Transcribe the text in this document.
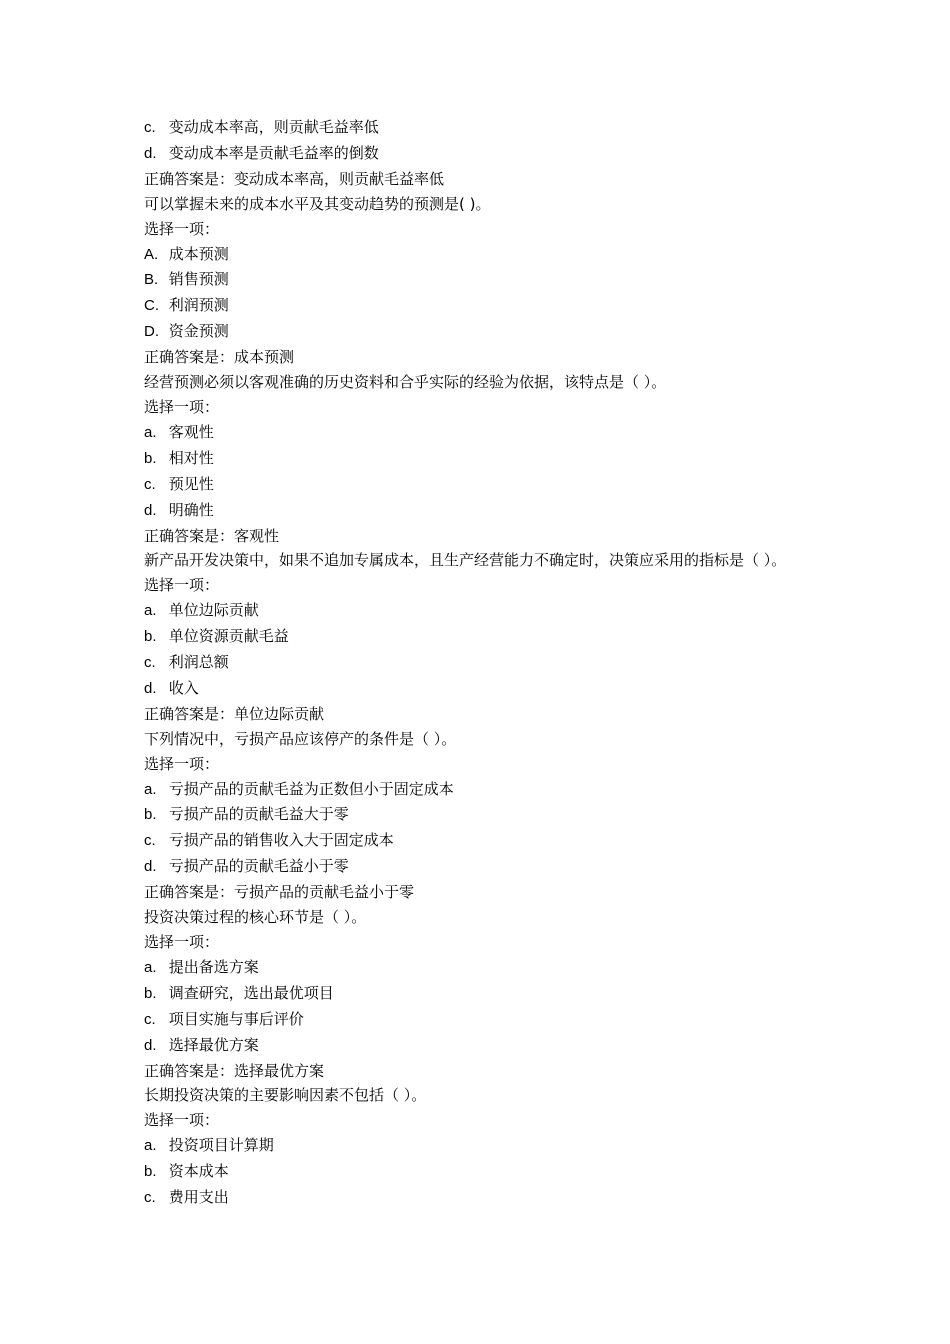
c. 变动成本率高，则贡献毛益率低
d. 变动成本率是贡献毛益率的倒数
正确答案是：变动成本率高，则贡献毛益率低
可以掌握未来的成本水平及其变动趋势的预测是( )。
选择一项：
A. 成本预测
B. 销售预测
C. 利润预测
D. 资金预测
正确答案是：成本预测
经营预测必须以客观准确的历史资料和合乎实际的经验为依据，该特点是（ ）。
选择一项：
a. 客观性
b. 相对性
c. 预见性
d. 明确性
正确答案是：客观性
新产品开发决策中，如果不追加专属成本，且生产经营能力不确定时，决策应采用的指标是（ ）。
选择一项：
a. 单位边际贡献
b. 单位资源贡献毛益
c. 利润总额
d. 收入
正确答案是：单位边际贡献
下列情况中，亏损产品应该停产的条件是（ ）。
选择一项：
a. 亏损产品的贡献毛益为正数但小于固定成本
b. 亏损产品的贡献毛益大于零
c. 亏损产品的销售收入大于固定成本
d. 亏损产品的贡献毛益小于零
正确答案是：亏损产品的贡献毛益小于零
投资决策过程的核心环节是（ ）。
选择一项：
a. 提出备选方案
b. 调查研究，选出最优项目
c. 项目实施与事后评价
d. 选择最优方案
正确答案是：选择最优方案
长期投资决策的主要影响因素不包括（ ）。
选择一项：
a. 投资项目计算期
b. 资本成本
c. 费用支出
